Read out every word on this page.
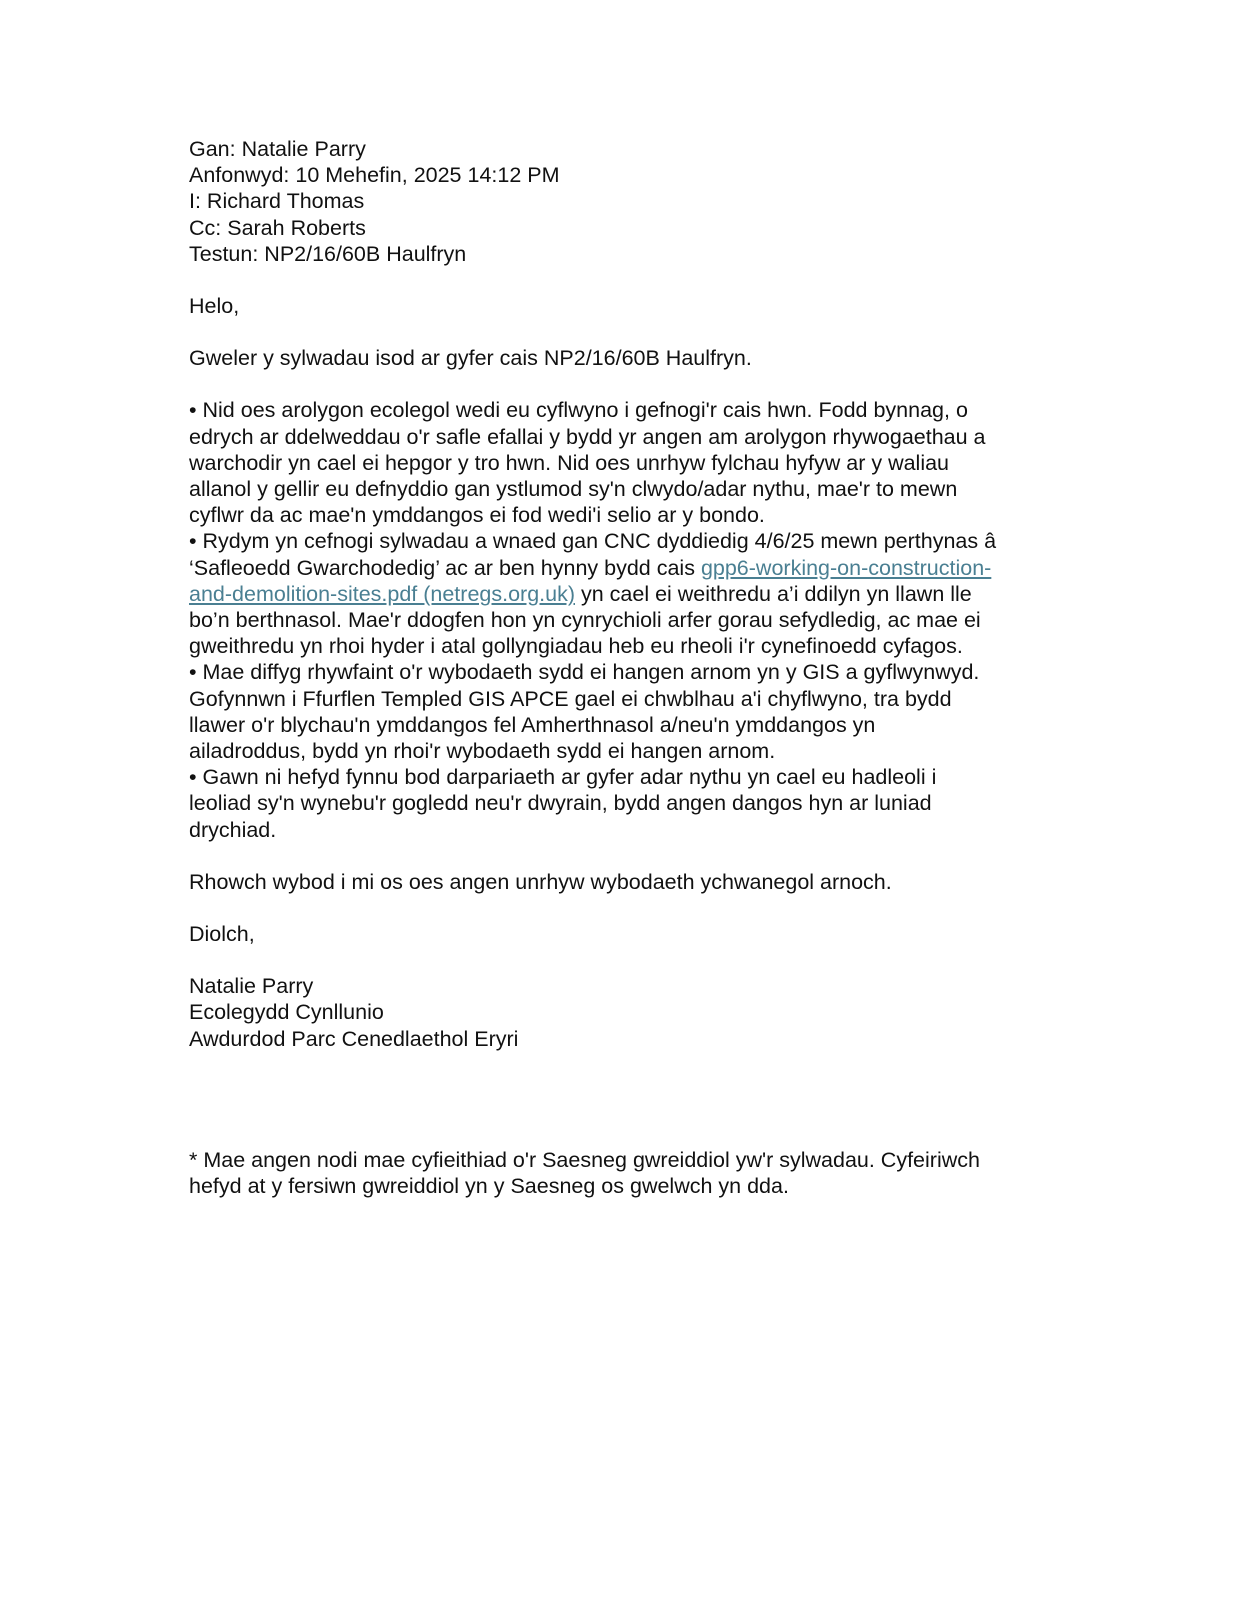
Gan: Natalie Parry
Anfonwyd: 10 Mehefin, 2025 14:12 PM
I: Richard Thomas
Cc: Sarah Roberts
Testun: NP2/16/60B Haulfryn
Helo,
Gweler y sylwadau isod ar gyfer cais NP2/16/60B Haulfryn.
• Nid oes arolygon ecolegol wedi eu cyflwyno i gefnogi'r cais hwn. Fodd bynnag, o
edrych ar ddelweddau o'r safle efallai y bydd yr angen am arolygon rhywogaethau a
warchodir yn cael ei hepgor y tro hwn. Nid oes unrhyw fylchau hyfyw ar y waliau
allanol y gellir eu defnyddio gan ystlumod sy'n clwydo/adar nythu, mae'r to mewn
cyflwr da ac mae'n ymddangos ei fod wedi'i selio ar y bondo.
• Rydym yn cefnogi sylwadau a wnaed gan CNC dyddiedig 4/6/25 mewn perthynas â
‘Safleoedd Gwarchodedig’ ac ar ben hynny bydd cais gpp6-working-on-construction-
and-demolition-sites.pdf (netregs.org.uk) yn cael ei weithredu a’i ddilyn yn llawn lle
bo’n berthnasol. Mae'r ddogfen hon yn cynrychioli arfer gorau sefydledig, ac mae ei
gweithredu yn rhoi hyder i atal gollyngiadau heb eu rheoli i'r cynefinoedd cyfagos.
• Mae diffyg rhywfaint o'r wybodaeth sydd ei hangen arnom yn y GIS a gyflwynwyd.
Gofynnwn i Ffurflen Templed GIS APCE gael ei chwblhau a'i chyflwyno, tra bydd
llawer o'r blychau'n ymddangos fel Amherthnasol a/neu'n ymddangos yn
ailadroddus, bydd yn rhoi'r wybodaeth sydd ei hangen arnom.
• Gawn ni hefyd fynnu bod darpariaeth ar gyfer adar nythu yn cael eu hadleoli i
leoliad sy'n wynebu'r gogledd neu'r dwyrain, bydd angen dangos hyn ar luniad
drychiad.
Rhowch wybod i mi os oes angen unrhyw wybodaeth ychwanegol arnoch.
Diolch,
Natalie Parry
Ecolegydd Cynllunio
Awdurdod Parc Cenedlaethol Eryri
* Mae angen nodi mae cyfieithiad o'r Saesneg gwreiddiol yw'r sylwadau. Cyfeiriwch
hefyd at y fersiwn gwreiddiol yn y Saesneg os gwelwch yn dda.
